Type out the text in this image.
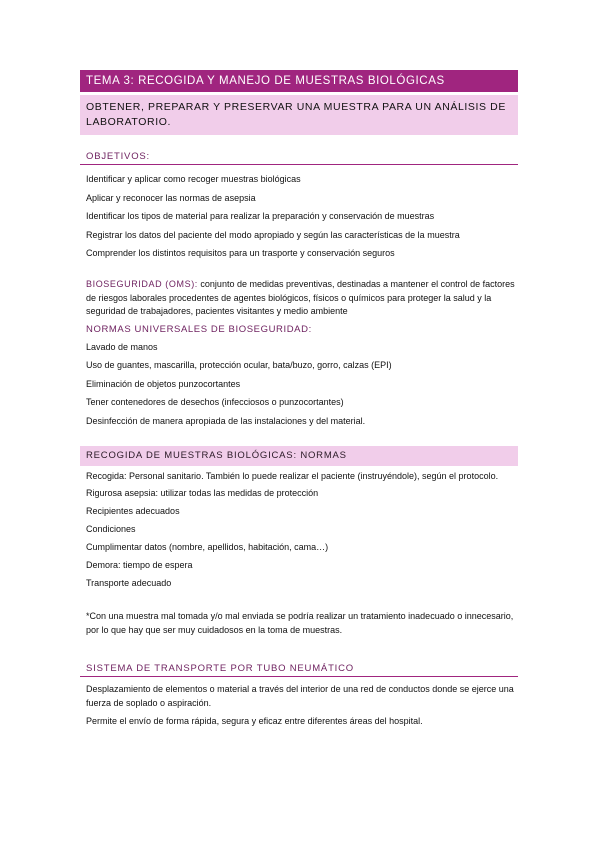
TEMA 3: RECOGIDA Y MANEJO DE MUESTRAS BIOLÓGICAS
OBTENER, PREPARAR Y PRESERVAR UNA MUESTRA PARA UN ANÁLISIS DE LABORATORIO.
OBJETIVOS:
Identificar y aplicar como recoger muestras biológicas
Aplicar y reconocer las normas de asepsia
Identificar los tipos de material para realizar la preparación y conservación de muestras
Registrar los datos del paciente del modo apropiado y según las características de la muestra
Comprender los distintos requisitos para un trasporte y conservación seguros
BIOSEGURIDAD (OMS): conjunto de medidas preventivas, destinadas a mantener el control de factores de riesgos laborales procedentes de agentes biológicos, físicos o químicos para proteger la salud y la seguridad de trabajadores, pacientes visitantes y medio ambiente
NORMAS UNIVERSALES DE BIOSEGURIDAD:
Lavado de manos
Uso de guantes, mascarilla, protección ocular, bata/buzo, gorro, calzas (EPI)
Eliminación de objetos punzocortantes
Tener contenedores de desechos (infecciosos o punzocortantes)
Desinfección de manera apropiada de las instalaciones y del material.
RECOGIDA DE MUESTRAS BIOLÓGICAS: NORMAS
Recogida: Personal sanitario. También lo puede realizar el paciente (instruyéndole), según el protocolo.
Rigurosa asepsia: utilizar todas las medidas de protección
Recipientes adecuados
Condiciones
Cumplimentar datos (nombre, apellidos, habitación, cama…)
Demora: tiempo de espera
Transporte adecuado
*Con una muestra mal tomada y/o mal enviada se podría realizar un tratamiento inadecuado o innecesario, por lo que hay que ser muy cuidadosos en la toma de muestras.
SISTEMA DE TRANSPORTE POR TUBO NEUMÁTICO
Desplazamiento de elementos o material a través del interior de una red de conductos donde se ejerce una fuerza de soplado o aspiración.
Permite el envío de forma rápida, segura y eficaz entre diferentes áreas del hospital.
